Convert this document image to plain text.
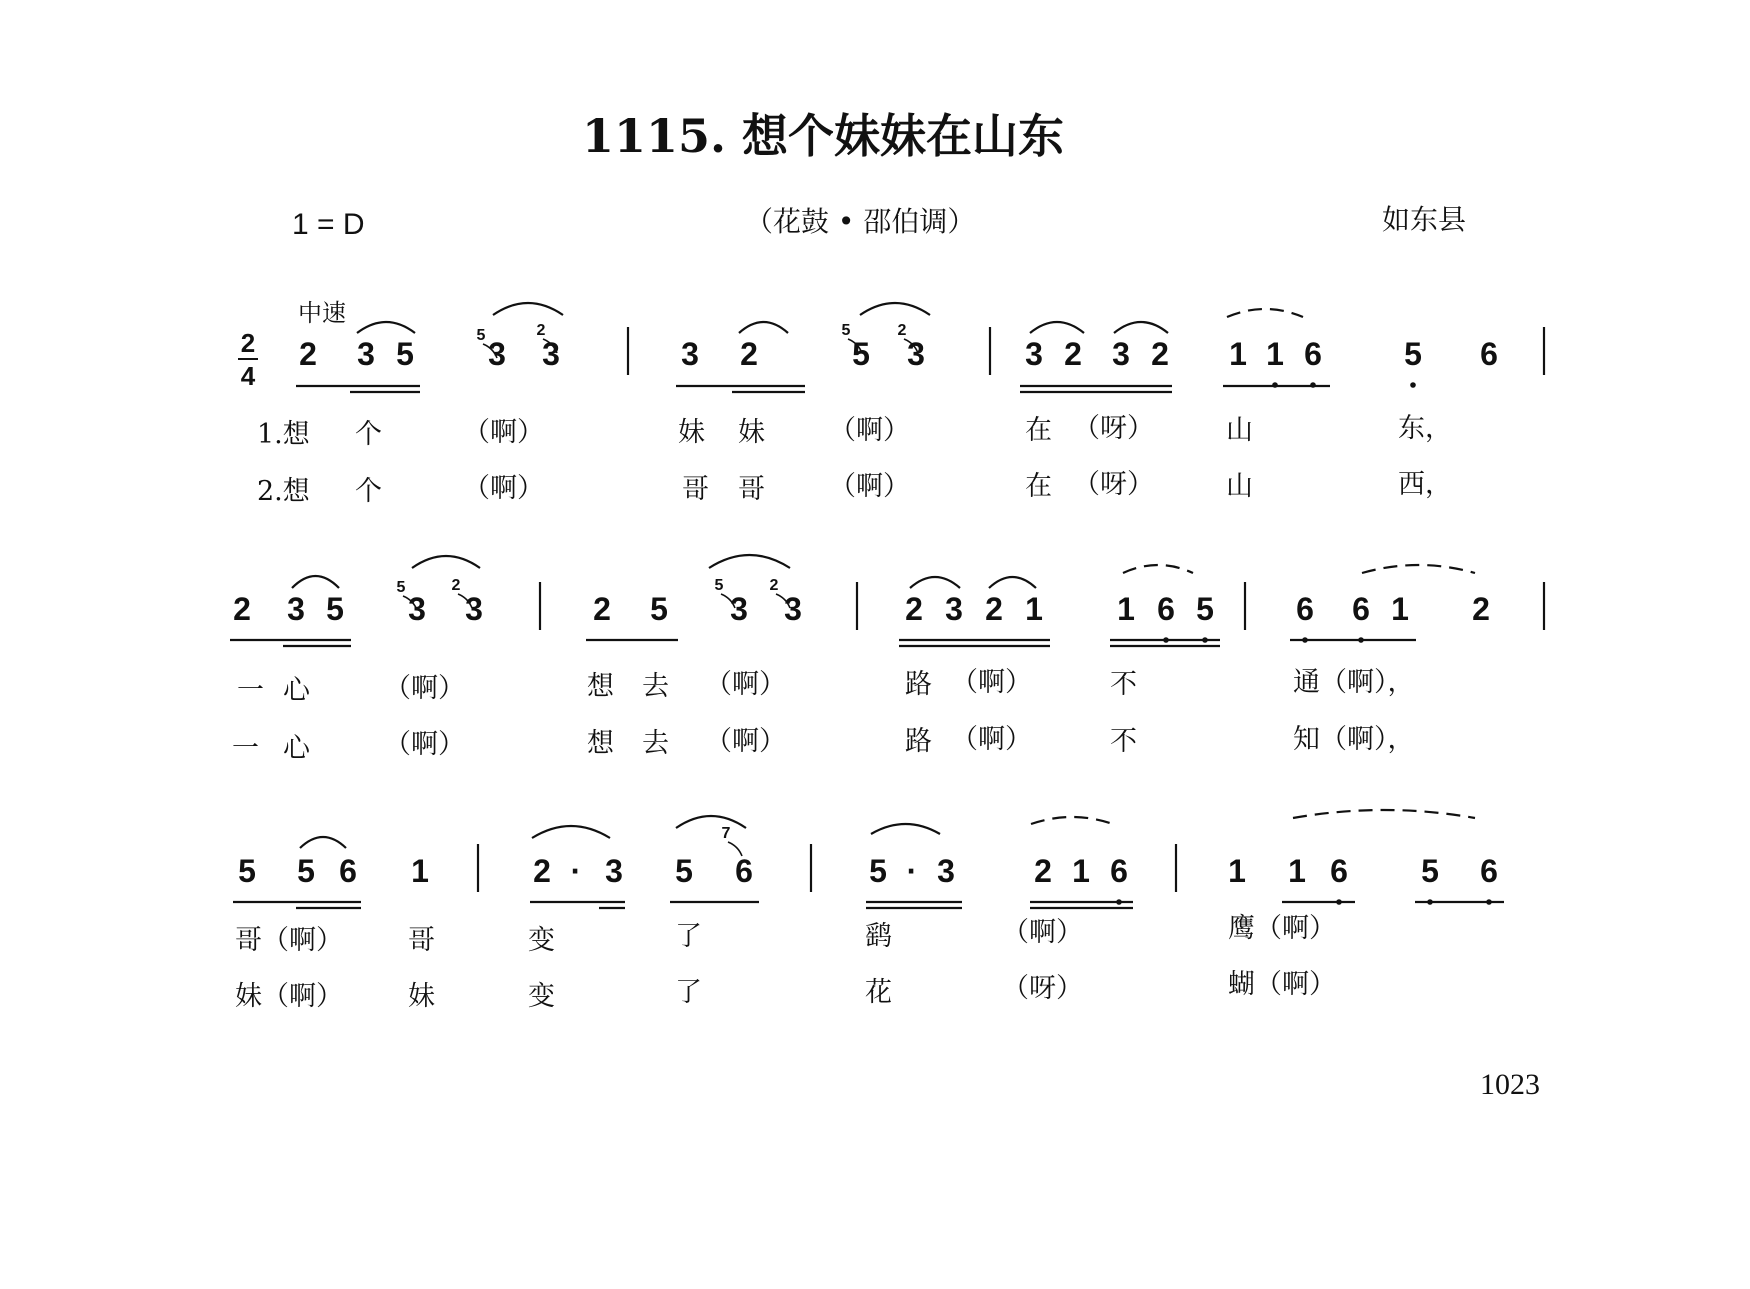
1115. 想个妹妹在山东
1 = D	（花鼓 • 邵伯调）	如东县
中速
2
4
2 3 5 3 3	3 2	5 3	3 2 3 2 1 1 6	5 6
5	2	5	2
2 3 5 3 3	2 5 3 3	2 3 2 1 1 6 5	6 6 1 2
5	2	5	2
5 5 6 1	2 · 3 5 6	5 · 3 2 1 6	1 1 6 5 6
7
1.想 个	（啊）	妹 妹 （啊）	在 （呀）	山	东，
2.想 个	（啊）	哥 哥 （啊）	在 （呀）	山	西，
一 心	（啊）	想 去 （啊）	路 （啊）	不	通（啊），
一 心	（啊）	想 去 （啊）	路 （啊）	不	知（啊），
哥（啊） 哥	变	了	鹞	（啊）	鹰（啊）
妹（啊） 妹	变	了	花	（呀）	蝴（啊）
1023
